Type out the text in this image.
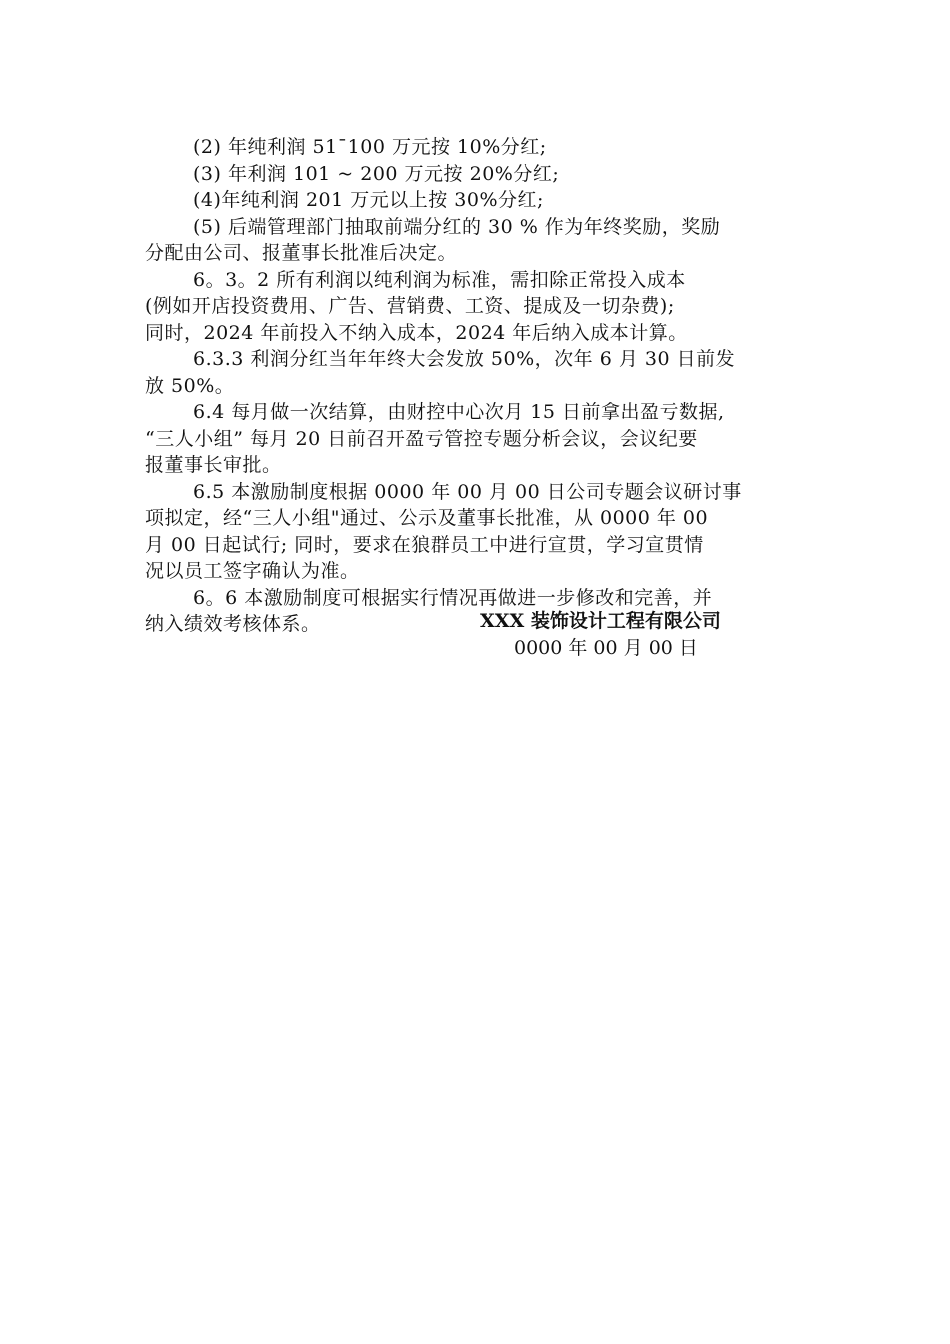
(2) 年纯利润 51¯100 万元按 10%分红;
(3) 年利润 101 ~ 200 万元按 20%分红;
(4)年纯利润 201 万元以上按 30%分红;
(5) 后端管理部门抽取前端分红的 30 % 作为年终奖励，奖励
分配由公司、报董事长批准后决定。
6。3。2 所有利润以纯利润为标准，需扣除正常投入成本
(例如开店投资费用、广告、营销费、工资、提成及一切杂费);
同时，2024 年前投入不纳入成本，2024 年后纳入成本计算。
6.3.3 利润分红当年年终大会发放 50%，次年 6 月 30 日前发
放 50%。
6.4 每月做一次结算，由财控中心次月 15 日前拿出盈亏数据,
“三人小组” 每月 20 日前召开盈亏管控专题分析会议，会议纪要
报董事长审批。
6.5 本激励制度根据 0000 年 00 月 00 日公司专题会议研讨事
项拟定，经“三人小组"通过、公示及董事长批准，从 0000 年 00
月 00 日起试行; 同时，要求在狼群员工中进行宣贯，学习宣贯情
况以员工签字确认为准。
6。6 本激励制度可根据实行情况再做进一步修改和完善，并
纳入绩效考核体系。	XXX 装饰设计工程有限公司
0000 年 00 月 00 日
